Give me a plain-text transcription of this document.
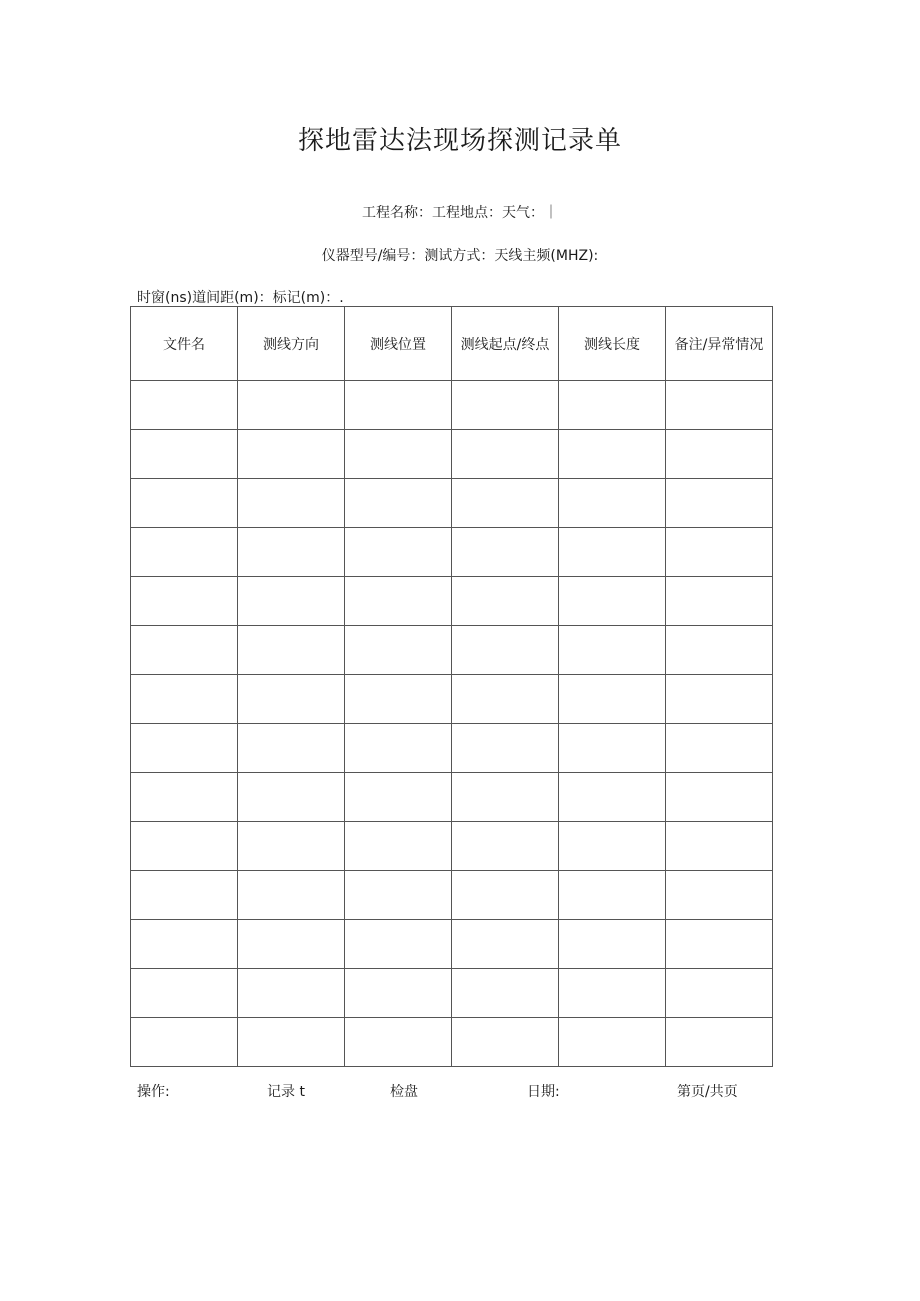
探地雷达法现场探测记录单
工程名称：工程地点：天气：｜
仪器型号/编号：测试方式：天线主频(MHZ):
时窗(ns)道间距(m)：标记(m)：.
文件名	测线方向	测线位置	测线起点/终点	测线长度	备注/异常情况

操作:	记录 t	检盘	日期:	第页/共页
